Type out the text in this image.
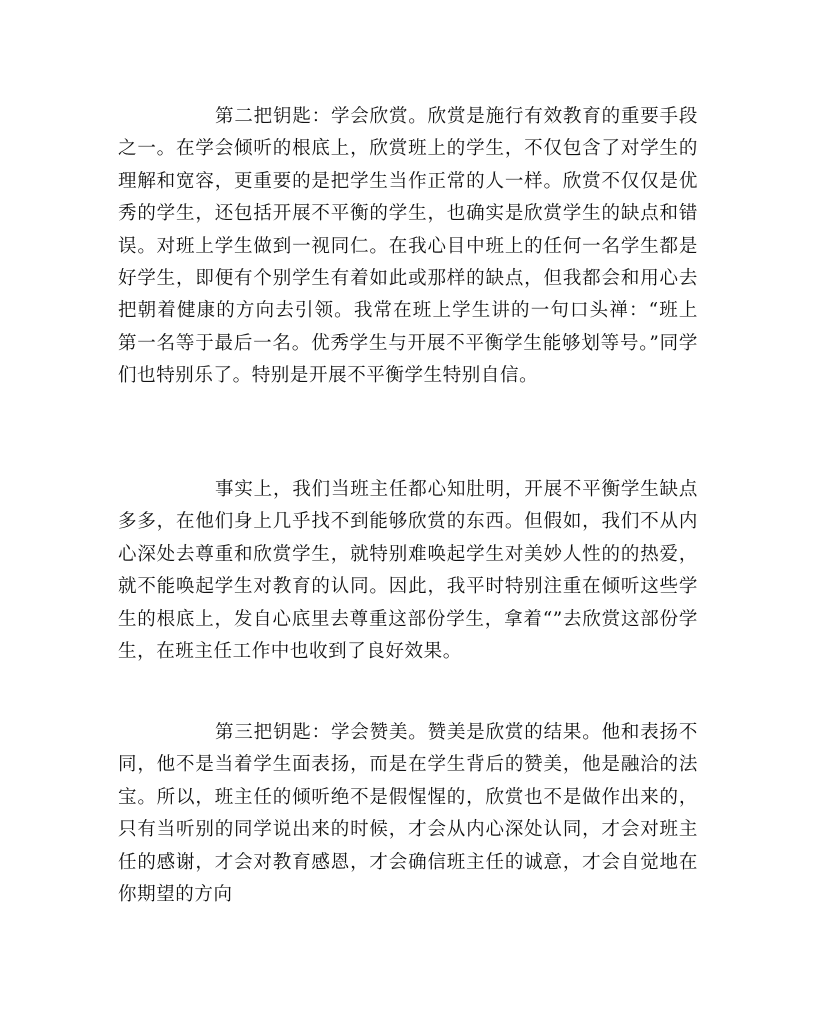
第二把钥匙：学会欣赏。欣赏是施行有效教育的重要手段之一。在学会倾听的根底上，欣赏班上的学生，不仅包含了对学生的理解和宽容，更重要的是把学生当作正常的人一样。欣赏不仅仅是优秀的学生，还包括开展不平衡的学生，也确实是欣赏学生的缺点和错误。对班上学生做到一视同仁。在我心目中班上的任何一名学生都是好学生，即便有个别学生有着如此或那样的缺点，但我都会和用心去把朝着健康的方向去引领。我常在班上学生讲的一句口头禅：“班上第一名等于最后一名。优秀学生与开展不平衡学生能够划等号。”同学们也特别乐了。特别是开展不平衡学生特别自信。

事实上，我们当班主任都心知肚明，开展不平衡学生缺点多多，在他们身上几乎找不到能够欣赏的东西。但假如，我们不从内心深处去尊重和欣赏学生，就特别难唤起学生对美妙人性的的热爱，就不能唤起学生对教育的认同。因此，我平时特别注重在倾听这些学生的根底上，发自心底里去尊重这部份学生，拿着“”去欣赏这部份学生，在班主任工作中也收到了良好效果。

第三把钥匙：学会赞美。赞美是欣赏的结果。他和表扬不同，他不是当着学生面表扬，而是在学生背后的赞美，他是融洽的法宝。所以，班主任的倾听绝不是假惺惺的，欣赏也不是做作出来的，只有当听别的同学说出来的时候，才会从内心深处认同，才会对班主任的感谢，才会对教育感恩，才会确信班主任的诚意，才会自觉地在你期望的方向
